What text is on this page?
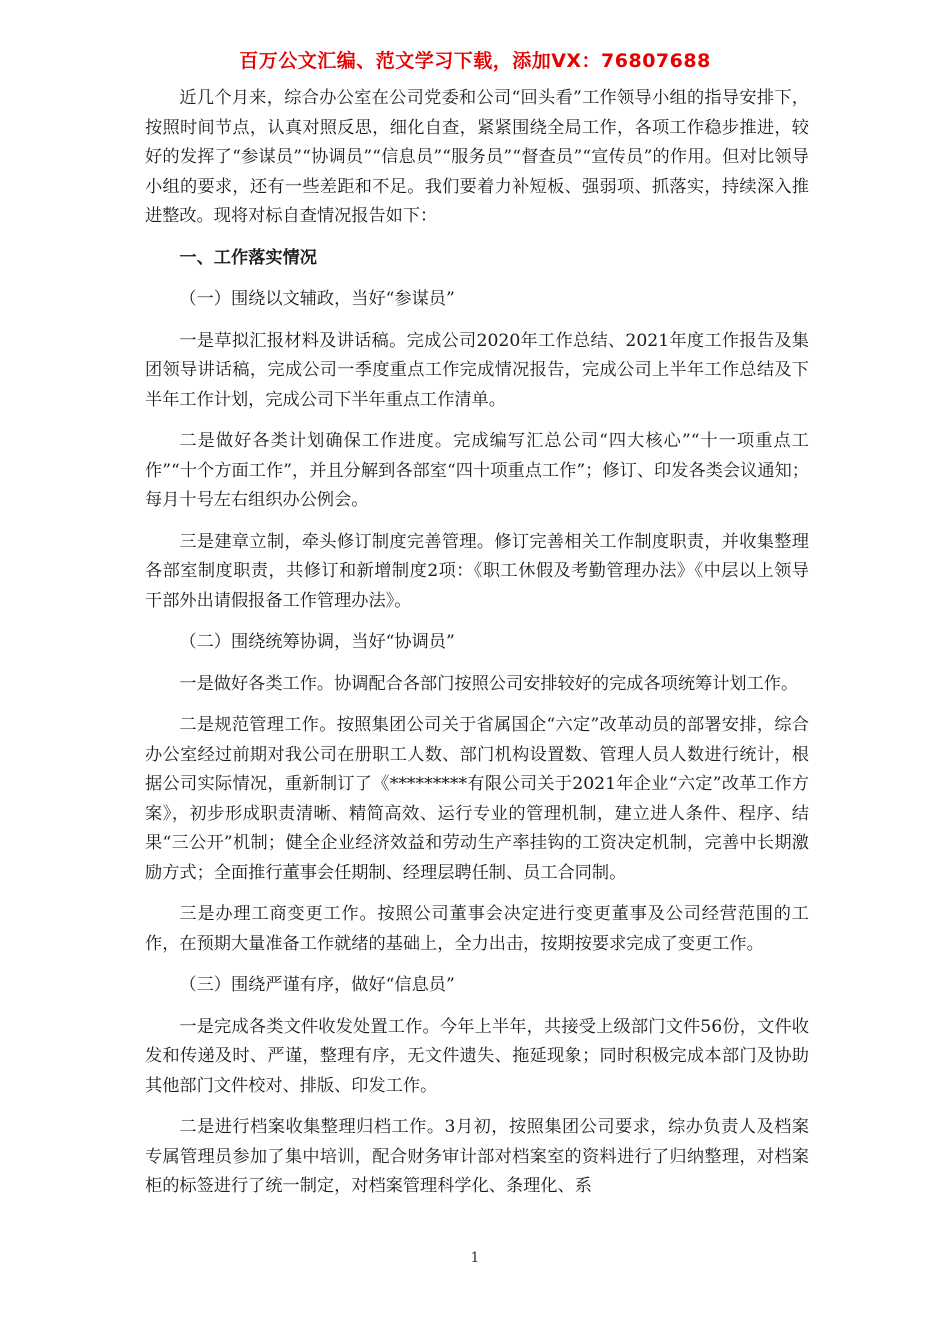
百万公文汇编、范文学习下载，添加VX：76807688

近几个月来，综合办公室在公司党委和公司“回头看”工作领导小组的指导安排下，按照时间节点，认真对照反思，细化自查，紧紧围绕全局工作，各项工作稳步推进，较好的发挥了“参谋员”“协调员”“信息员”“服务员”“督查员”“宣传员”的作用。但对比领导小组的要求，还有一些差距和不足。我们要着力补短板、强弱项、抓落实，持续深入推进整改。现将对标自查情况报告如下：

一、工作落实情况

（一）围绕以文辅政，当好“参谋员”

一是草拟汇报材料及讲话稿。完成公司2020年工作总结、2021年度工作报告及集团领导讲话稿，完成公司一季度重点工作完成情况报告，完成公司上半年工作总结及下半年工作计划，完成公司下半年重点工作清单。

二是做好各类计划确保工作进度。完成编写汇总公司“四大核心”“十一项重点工作”“十个方面工作”，并且分解到各部室“四十项重点工作”；修订、印发各类会议通知；每月十号左右组织办公例会。

三是建章立制，牵头修订制度完善管理。修订完善相关工作制度职责，并收集整理各部室制度职责，共修订和新增制度2项：《职工休假及考勤管理办法》《中层以上领导干部外出请假报备工作管理办法》。

（二）围绕统筹协调，当好“协调员”

一是做好各类工作。协调配合各部门按照公司安排较好的完成各项统筹计划工作。

二是规范管理工作。按照集团公司关于省属国企“六定”改革动员的部署安排，综合办公室经过前期对我公司在册职工人数、部门机构设置数、管理人员人数进行统计，根据公司实际情况，重新制订了《*********有限公司关于2021年企业“六定”改革工作方案》，初步形成职责清晰、精简高效、运行专业的管理机制，建立进人条件、程序、结果“三公开”机制；健全企业经济效益和劳动生产率挂钩的工资决定机制，完善中长期激励方式；全面推行董事会任期制、经理层聘任制、员工合同制。

三是办理工商变更工作。按照公司董事会决定进行变更董事及公司经营范围的工作，在预期大量准备工作就绪的基础上，全力出击，按期按要求完成了变更工作。

（三）围绕严谨有序，做好“信息员”

一是完成各类文件收发处置工作。今年上半年，共接受上级部门文件56份，文件收发和传递及时、严谨，整理有序，无文件遗失、拖延现象；同时积极完成本部门及协助其他部门文件校对、排版、印发工作。

二是进行档案收集整理归档工作。3月初，按照集团公司要求，综办负责人及档案专属管理员参加了集中培训，配合财务审计部对档案室的资料进行了归纳整理，对档案柜的标签进行了统一制定，对档案管理科学化、条理化、系

1
